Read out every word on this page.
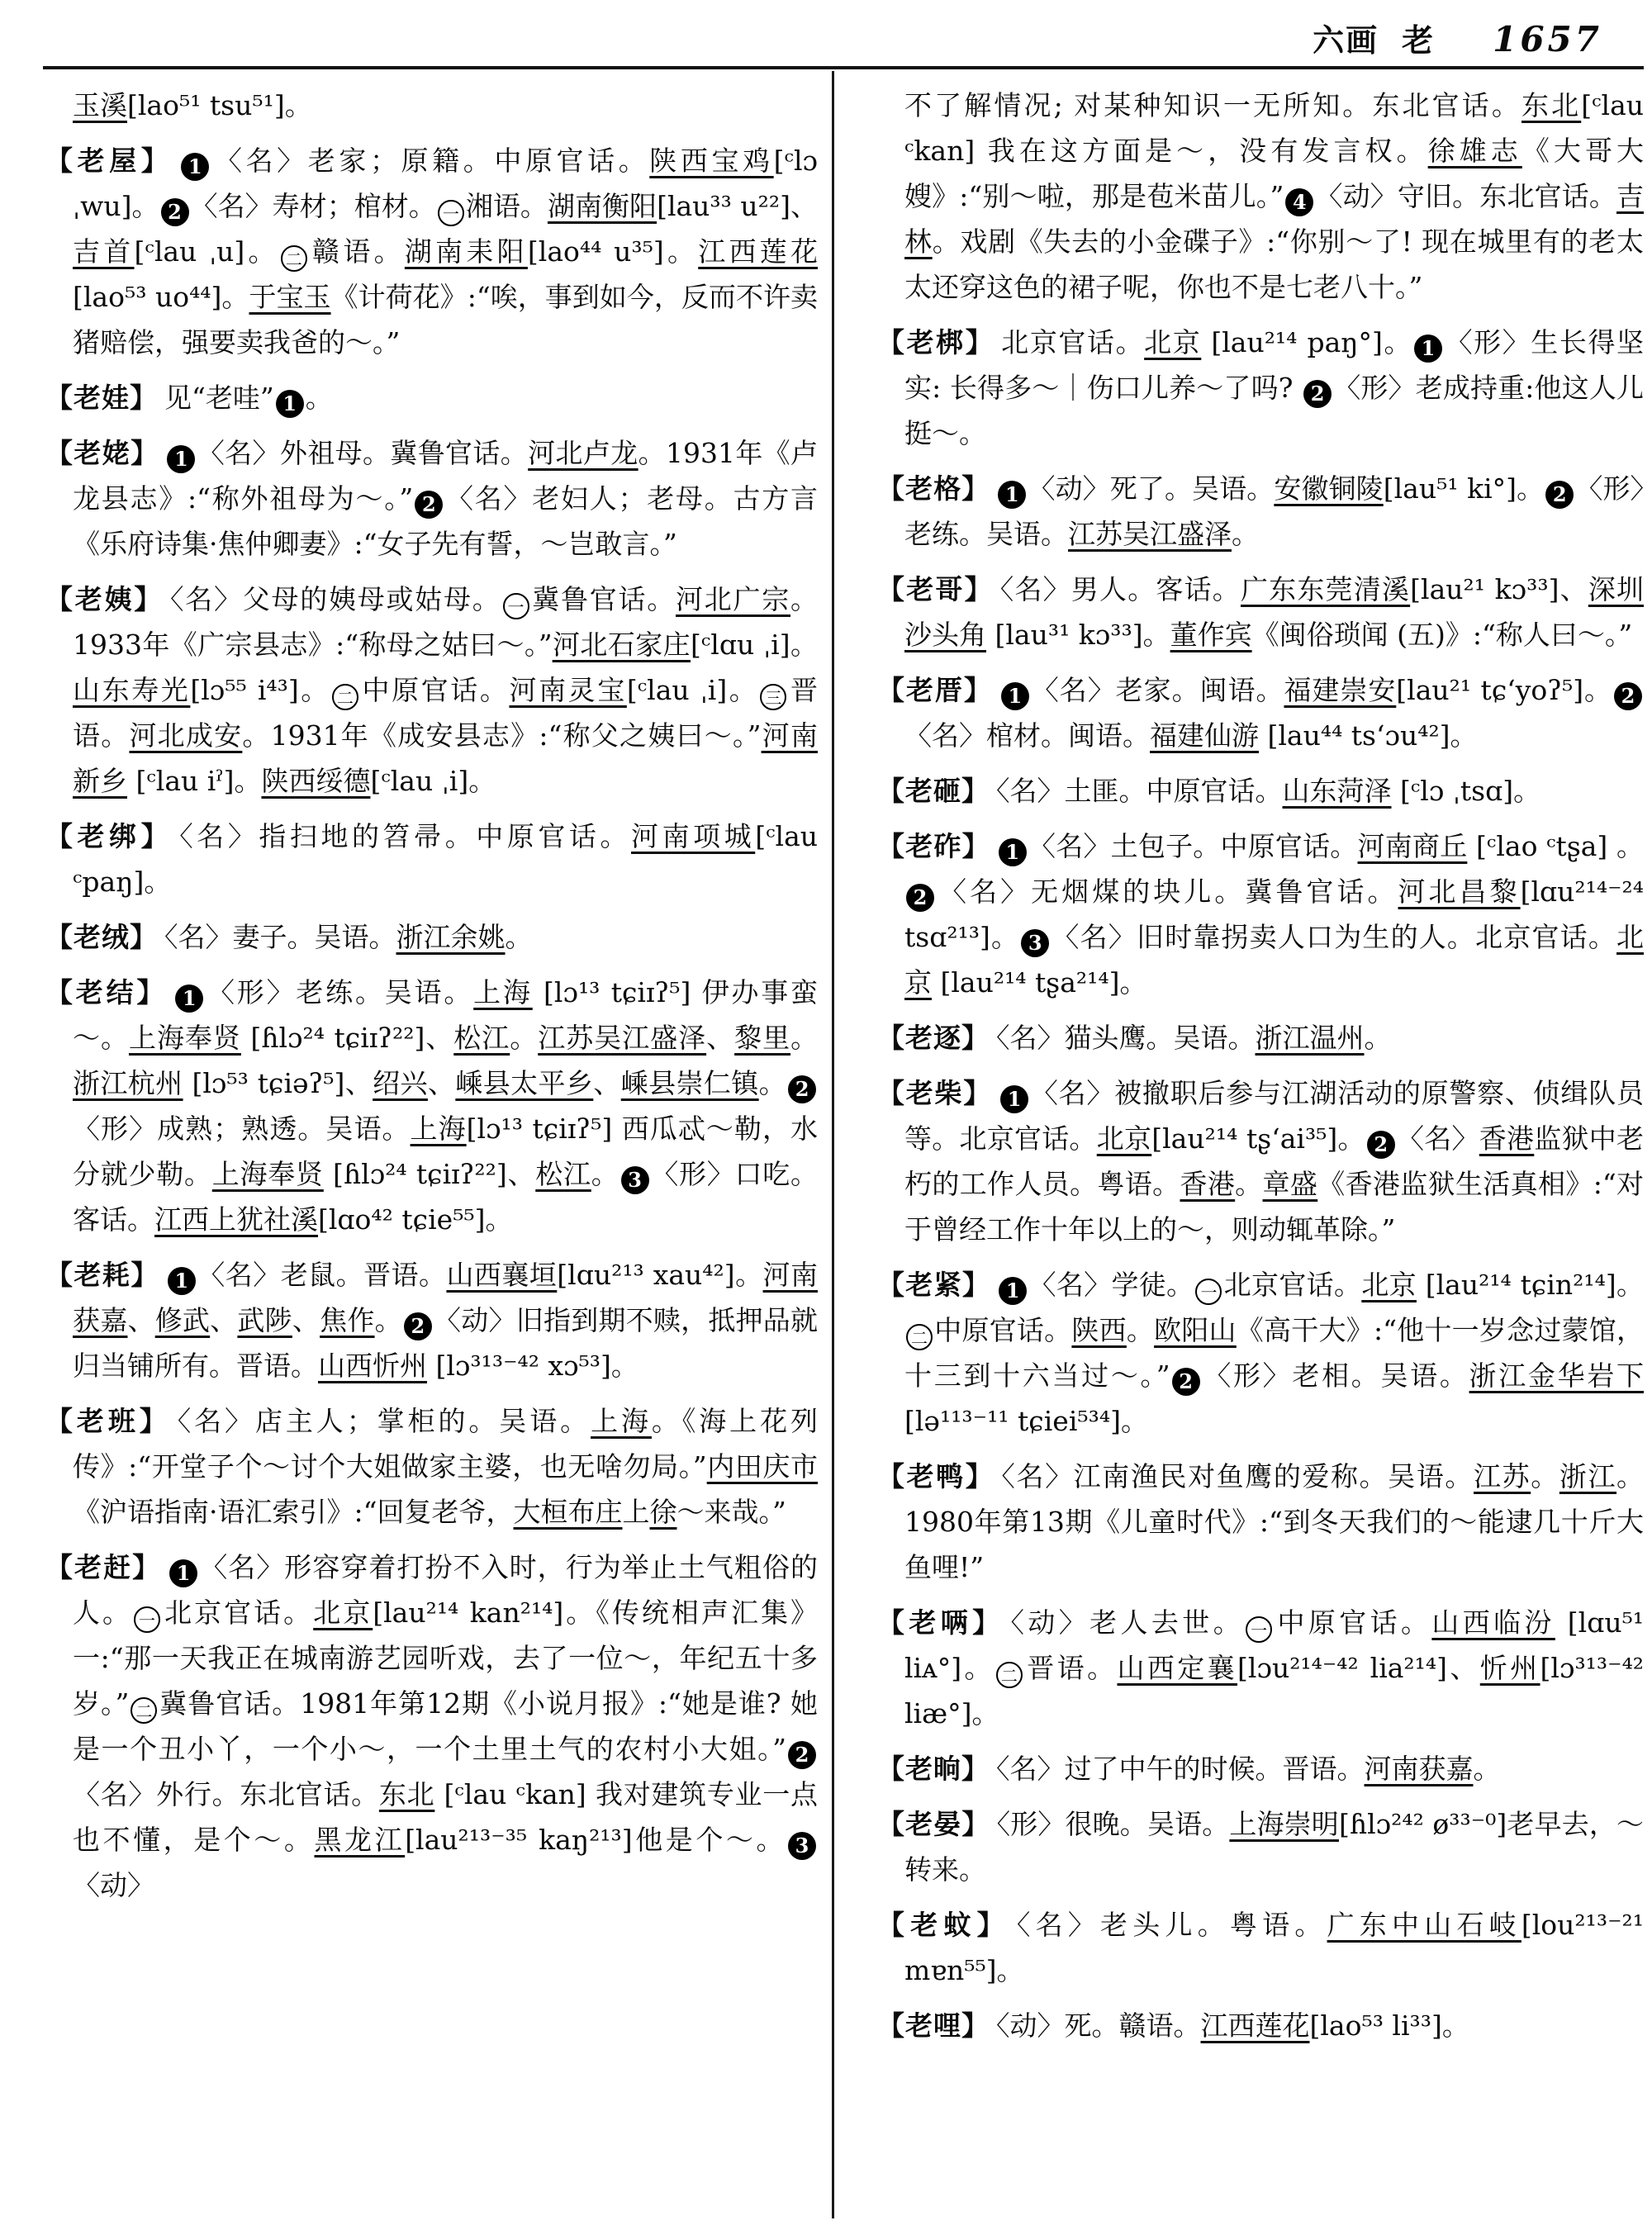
六画 老 1657

玉溪[lao⁵¹ tsu⁵¹]。

【老屋】 1 〈名〉老家；原籍。中原官话。陕西宝鸡[ᶜlɔ ˌwu]。 2 〈名〉寿材；棺材。 一 湘语。湖南衡阳[lau³³ u²²]、吉首[ᶜlau ˌu]。 二 赣语。湖南耒阳[lao⁴⁴ u³⁵]。江西莲花 [lao⁵³ uo⁴⁴]。于宝玉《计荷花》:“唉，事到如今，反而不许卖猪赔偿，强要卖我爸的～。”

【老娃】 见“老哇” 1 。

【老姥】 1 〈名〉外祖母。冀鲁官话。河北卢龙。1931年《卢龙县志》:“称外祖母为～。” 2 〈名〉老妇人；老母。古方言《乐府诗集·焦仲卿妻》:“女子先有誓，～岂敢言。”

【老姨】 〈名〉父母的姨母或姑母。 一 冀鲁官话。河北广宗。1933年《广宗县志》:“称母之姑曰～。”河北石家庄[ᶜlɑu ˌi]。山东寿光[lɔ⁵⁵ i⁴³]。 二 中原官话。河南灵宝[ᶜlau ˌi]。 三 晋语。河北成安。1931年《成安县志》:“称父之姨曰～。”河南新乡 [ᶜlau iˀ]。陕西绥德[ᶜlau ˌi]。

【老绑】 〈名〉指扫地的笤帚。中原官话。河南项城[ᶜlau ᶜpaŋ]。

【老绒】 〈名〉妻子。吴语。浙江余姚。

【老结】 1 〈形〉老练。吴语。上海 [lɔ¹³ tɕiɪʔ⁵] 伊办事蛮～。上海奉贤 [ɦlɔ²⁴ tɕiɪʔ²²]、松江。江苏吴江盛泽、黎里。浙江杭州 [lɔ⁵³ tɕiəʔ⁵]、绍兴、嵊县太平乡、嵊县崇仁镇。 2〈形〉成熟；熟透。吴语。上海[lɔ¹³ tɕiɪʔ⁵] 西瓜忒～勒，水分就少勒。上海奉贤 [ɦlɔ²⁴ tɕiɪʔ²²]、松江。 3 〈形〉口吃。客话。江西上犹社溪[lɑo⁴² tɕie⁵⁵]。

【老耗】 1 〈名〉老鼠。晋语。山西襄垣[lɑu²¹³ xau⁴²]。河南获嘉、修武、武陟、焦作。 2 〈动〉旧指到期不赎，抵押品就归当铺所有。晋语。山西忻州 [lɔ³¹³⁻⁴² xɔ⁵³]。

【老班】 〈名〉店主人；掌柜的。吴语。上海。《海上花列传》:“开堂子个～讨个大姐做家主婆，也无啥勿局。”内田庆市《沪语指南·语汇索引》:“回复老爷，大桓布庄上徐～来哉。”

【老赶】 1 〈名〉形容穿着打扮不入时，行为举止土气粗俗的人。 一 北京官话。北京[lau²¹⁴ kan²¹⁴]。《传统相声汇集》一:“那一天我正在城南游艺园听戏，去了一位～，年纪五十多岁。” 二 冀鲁官话。1981年第12期《小说月报》:“她是谁? 她是一个丑小丫，一个小～，一个土里土气的农村小大姐。” 2〈名〉外行。东北官话。东北 [ᶜlau ᶜkan] 我对建筑专业一点也不懂，是个～。黑龙江[lau²¹³⁻³⁵ kaŋ²¹³]他是个～。 3〈动〉

不了解情况; 对某种知识一无所知。东北官话。东北[ᶜlau ᶜkan] 我在这方面是～，没有发言权。徐雄志《大哥大嫂》:“别～啦，那是苞米苗儿。” 4 〈动〉守旧。东北官话。吉林。戏剧《失去的小金碟子》:“你别～了! 现在城里有的老太太还穿这色的裙子呢，你也不是七老八十。”

【老梆】 北京官话。北京 [lau²¹⁴ paŋ°]。 1 〈形〉生长得坚实: 长得多～｜伤口儿养～了吗? 2 〈形〉老成持重:他这人儿挺～。

【老格】 1 〈动〉死了。吴语。安徽铜陵[lau⁵¹ ki°]。 2 〈形〉老练。吴语。江苏吴江盛泽。

【老哥】 〈名〉男人。客话。广东东莞清溪[lau²¹ kɔ³³]、深圳沙头角 [lau³¹ kɔ³³]。董作宾《闽俗琐闻 (五)》:“称人曰～。”

【老厝】 1 〈名〉老家。闽语。福建崇安[lau²¹ tɕʻyoʔ⁵]。 2〈名〉棺材。闽语。福建仙游 [lau⁴⁴ tsʻɔu⁴²]。

【老砸】 〈名〉土匪。中原官话。山东菏泽 [ᶜlɔ ˌtsɑ]。

【老砟】 1 〈名〉土包子。中原官话。河南商丘 [ᶜlao ᶜtʂa] 。2 〈名〉无烟煤的块儿。冀鲁官话。河北昌黎[lɑu²¹⁴⁻²⁴ tsɑ²¹³]。 3 〈名〉旧时靠拐卖人口为生的人。北京官话。北京 [lau²¹⁴ tʂa²¹⁴]。

【老逐】 〈名〉猫头鹰。吴语。浙江温州。

【老柴】 1 〈名〉被撤职后参与江湖活动的原警察、侦缉队员等。北京官话。北京[lau²¹⁴ tʂʻai³⁵]。 2 〈名〉香港监狱中老朽的工作人员。粤语。香港。章盛《香港监狱生活真相》:“对于曾经工作十年以上的～，则动辄革除。”

【老紧】 1 〈名〉学徒。 一 北京官话。北京 [lau²¹⁴ tɕin²¹⁴]。二 中原官话。陕西。欧阳山《高干大》:“他十一岁念过蒙馆，十三到十六当过～。” 2 〈形〉老相。吴语。浙江金华岩下[lə¹¹³⁻¹¹ tɕiei⁵³⁴]。

【老鸭】 〈名〉江南渔民对鱼鹰的爱称。吴语。江苏。浙江。1980年第13期《儿童时代》:“到冬天我们的～能逮几十斤大鱼哩!”

【老唡】 〈动〉老人去世。 一 中原官话。山西临汾 [lɑu⁵¹ liᴀ°]。 二 晋语。山西定襄[lɔu²¹⁴⁻⁴² lia²¹⁴]、忻州[lɔ³¹³⁻⁴² liæ°]。

【老晌】 〈名〉过了中午的时候。晋语。河南获嘉。

【老晏】 〈形〉很晚。吴语。上海崇明[ɦlɔ²⁴² ø³³⁻⁰]老早去，～转来。

【老蚊】 〈名〉老头儿。粤语。广东中山石岐[lou²¹³⁻²¹ mɐn⁵⁵]。

【老哩】 〈动〉死。赣语。江西莲花[lao⁵³ li³³]。
